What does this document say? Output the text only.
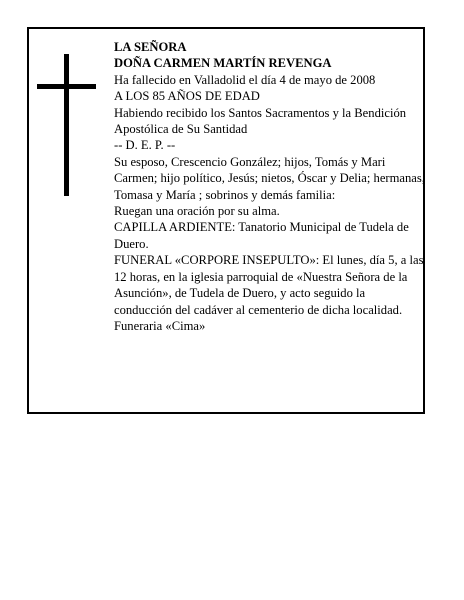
LA SEÑORA

DOÑA CARMEN MARTÍN REVENGA

Ha fallecido en Valladolid el día 4 de mayo de 2008

A LOS 85 AÑOS DE EDAD

Habiendo recibido los Santos Sacramentos y la Bendición Apostólica de Su Santidad

-- D. E. P. --

Su esposo, Crescencio González; hijos, Tomás y Mari Carmen; hijo político, Jesús; nietos, Óscar y Delia; hermanas, Tomasa y María ; sobrinos y demás familia:

Ruegan una oración por su alma.

CAPILLA ARDIENTE: Tanatorio Municipal de Tudela de Duero.

FUNERAL «CORPORE INSEPULTO»: El lunes, día 5, a las 12 horas, en la iglesia parroquial de «Nuestra Señora de la Asunción», de Tudela de Duero, y acto seguido la conducción del cadáver al cementerio de dicha localidad.

Funeraria «Cima»
